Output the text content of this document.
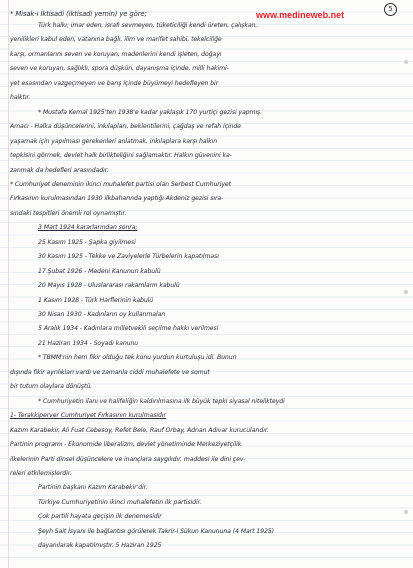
5
* Misak-ı İktisadi (iktisadi yemin) ye göre;	www.medineweb.net
Türk halkı; imar eden, israfı sevmeyen, tüketiciliği kendi üreten, çalışkan,
yenilikleri kabul eden, vatanına bağlı, ilim ve marifet sahibi, tekelciliğe
karşı, ormanlarını seven ve koruyan, madenlerini kendi işleten, doğayı
seven ve koruyan, sağlıklı, spora düşkün, dayanışma içinde, milli hakimi-
yet esasından vazgeçmeyen ve barış içinde büyümeyi hedefleyen bir
halktır.
* Mustafa Kemal 1925'ten 1938'e kadar yaklaşık 170 yurtiçi gezisi yapmış.
Amacı - Halka düşüncelerini, inkılapları, beklentilerini, çağdaş ve refah içinde
yaşamak için yapılması gerekenleri anlatmak, inkılaplara karşı halkın
tepkisini görmek, devlet halk birlikteliğini sağlamaktır. Halkın güvenini ka-
zanmak da hedefleri arasındadır.
* Cumhuriyet deneminin ikinci muhalefet partisi olan Serbest Cumhuriyet
Fırkasının kurulmasından 1930 ilkbaharında yaptığı Akdeniz gezisi sıra-
sındaki tespitleri önemli rol oynamıştır.
3 Mart 1924 kararlarından sonra;
25 Kasım 1925 - Şapka giyilmesi
30 Kasım 1925 - Tekke ve Zaviyelerle Türbelerin kapatılması
17 Şubat 1926 - Medeni Kanunun kabulü
20 Mayıs 1928 - Uluslararası rakamların kabulü
1 Kasım 1928 - Türk Harflerinin kabulü
30 Nisan 1930 - Kadınların oy kullanmaları
5 Aralık 1934 - Kadınlara milletvekili seçilme hakkı verilmesi
21 Haziran 1934 - Soyadı kanunu
* TBMM'nin hem fikir olduğu tek konu yurdun kurtuluşu idi. Bunun
dışında fikir ayrılıkları vardı ve zamanla ciddi muhalefete ve somut
bir tutum olaylara dönüştü.
* Cumhuriyetin ilanı ve halifeliğin kaldırılmasına ilk büyük tepki siyasal nitelikteydi
1- Terakkiperver Cumhuriyet Fırkasının kurulmasıdır
Kazım Karabekir, Ali Fuat Cebesoy, Refet Bele, Rauf Orbay, Adnan Adıvar kurucularıdır.
Partinin programı - Ekonomide liberalizm, devlet yönetiminde Merkeziyetçilik
ilkelerinin Parti dinsel düşüncelere ve inançlara saygılıdır, maddesi ile dini çev-
releri etkilemişlerdir.
Partinin başkanı Kazım Karabekir'dir.
Türkiye Cumhuriyetinin ikinci muhalefetin ilk partisidir.
Çok partili hayata geçişin ilk denemesidir
Şeyh Sait İsyanı ile bağlantısı görülerek Takrir-i Sükun Kanununa (4 Mart 1925)
dayanılarak kapatılmıştır. 5 Haziran 1925
